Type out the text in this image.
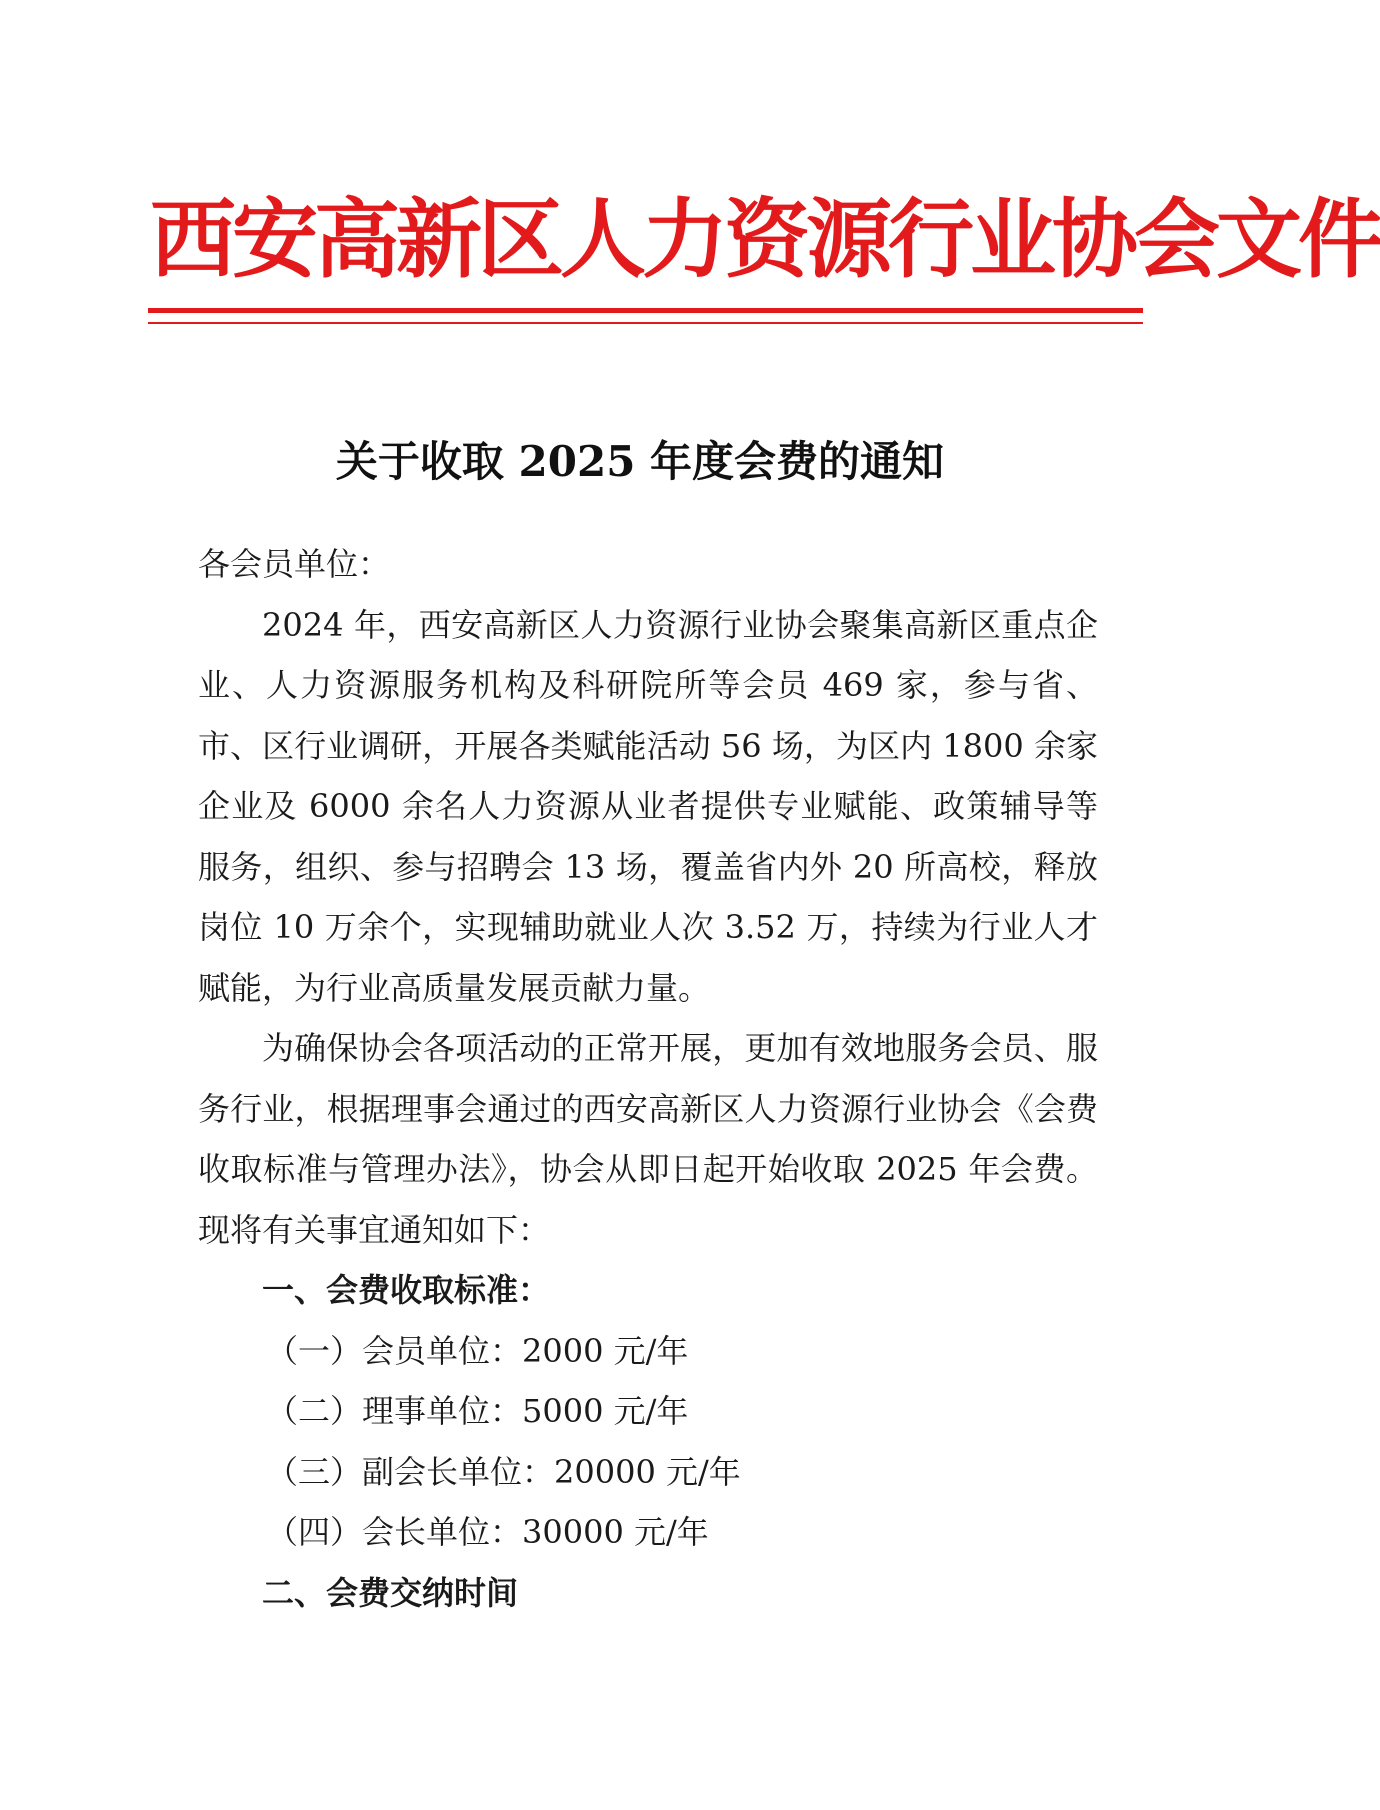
西安高新区人力资源行业协会文件
关于收取 2025 年度会费的通知

各会员单位：

2024 年，西安高新区人力资源行业协会聚集高新区重点企业、人力资源服务机构及科研院所等会员 469 家，参与省、市、区行业调研，开展各类赋能活动 56 场，为区内 1800 余家企业及 6000 余名人力资源从业者提供专业赋能、政策辅导等服务，组织、参与招聘会 13 场，覆盖省内外 20 所高校，释放岗位 10 万余个，实现辅助就业人次 3.52 万，持续为行业人才赋能，为行业高质量发展贡献力量。

为确保协会各项活动的正常开展，更加有效地服务会员、服务行业，根据理事会通过的西安高新区人力资源行业协会《会费收取标准与管理办法》，协会从即日起开始收取 2025 年会费。现将有关事宜通知如下：

一、会费收取标准：

（一）会员单位：2000 元/年

（二）理事单位：5000 元/年

（三）副会长单位：20000 元/年

（四）会长单位：30000 元/年

二、会费交纳时间
